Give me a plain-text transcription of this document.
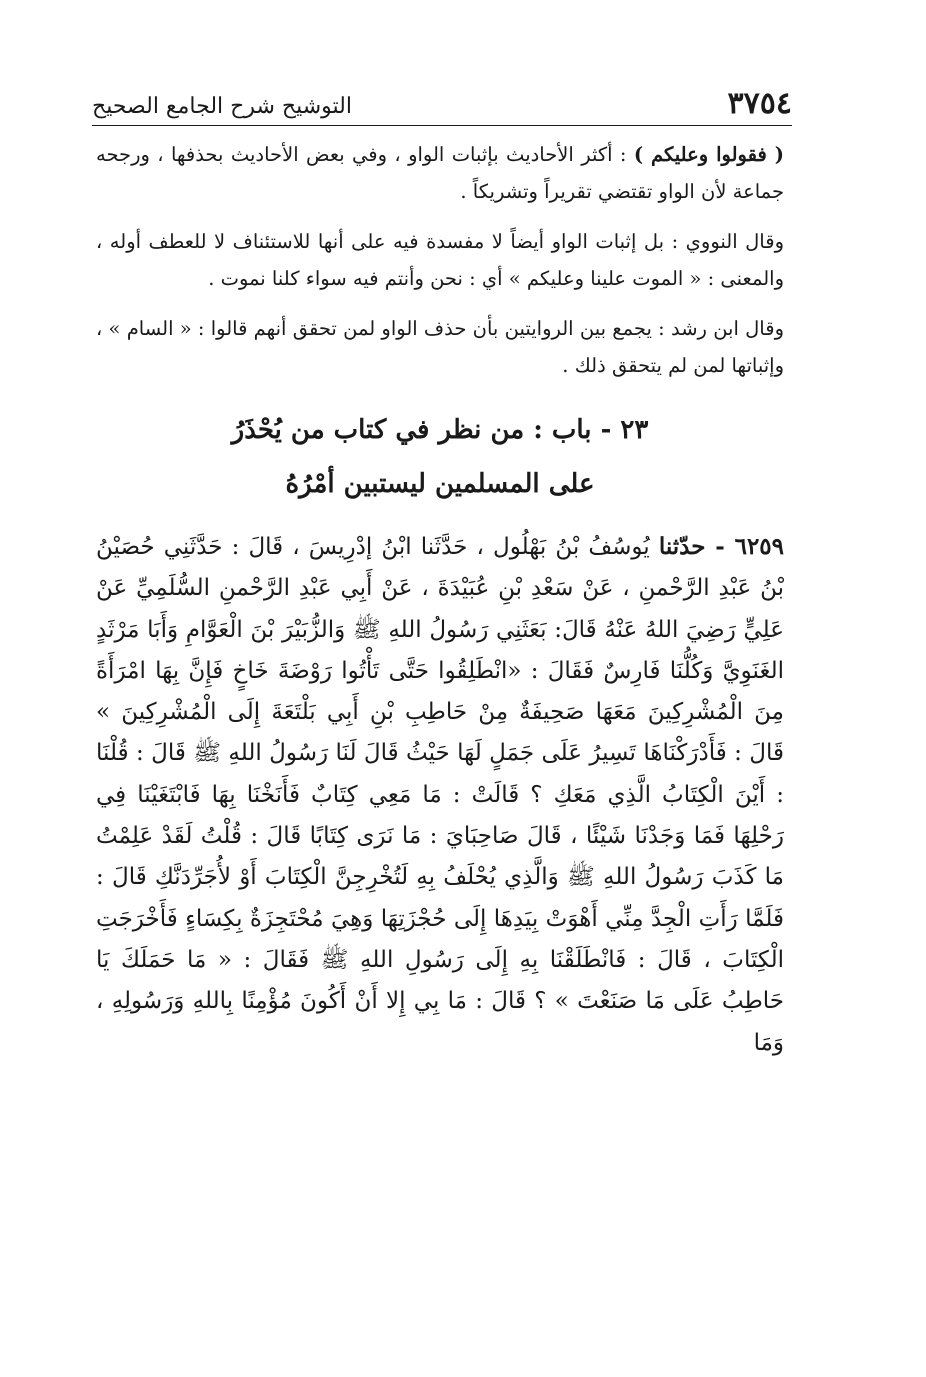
٣٧٥٤
التوشيح شرح الجامع الصحيح

( فقولوا وعليكم ) : أكثر الأحاديث بإثبات الواو ، وفي بعض الأحاديث بحذفها ، ورجحه جماعة لأن الواو تقتضي تقريراً وتشريكاً .

وقال النووي : بل إثبات الواو أيضاً لا مفسدة فيه على أنها للاستئناف لا للعطف أوله ، والمعنى : « الموت علينا وعليكم » أي : نحن وأنتم فيه سواء كلنا نموت .

وقال ابن رشد : يجمع بين الروايتين بأن حذف الواو لمن تحقق أنهم قالوا : « السام » ، وإثباتها لمن لم يتحقق ذلك .

٢٣ - باب : من نظر في كتاب من يُحْذَرُ

على المسلمين ليستبين أمْرُهُ

٦٢٥٩ - حدّثنا يُوسُفُ بْنُ بَهْلُول ، حَدَّثَنا ابْنُ إدْرِيسَ ، قَالَ : حَدَّثَنِي حُصَيْنُ بْنُ عَبْدِ الرَّحْمنِ ، عَنْ سَعْدِ بْنِ عُبَيْدَةَ ، عَنْ أَبِي عَبْدِ الرَّحْمنِ السُّلَمِيِّ عَنْ عَلِيٍّ رَضِيَ اللهُ عَنْهُ قَالَ: بَعَثَنِي رَسُولُ اللهِ ﷺ وَالزُّبَيْرَ بْنَ الْعَوَّامِ وَأَبَا مَرْثَدٍ الغَنَوِيَّ وَكُلُّنَا فَارِسٌ فَقَالَ : «انْطَلِقُوا حَتَّى تَأْتُوا رَوْضَةَ خَاخٍ فَإِنَّ بِهَا امْرَأَةً مِنَ الْمُشْرِكِينَ مَعَهَا صَحِيفَةٌ مِنْ حَاطِبِ بْنِ أَبِي بَلْتَعَةَ إِلَى الْمُشْرِكِينَ » قَالَ : فَأَدْرَكْنَاهَا تَسِيرُ عَلَى جَمَلٍ لَهَا حَيْثُ قَالَ لَنَا رَسُولُ اللهِ ﷺ قَالَ : قُلْنَا : أَيْنَ الْكِتَابُ الَّذِي مَعَكِ ؟ قَالَتْ : مَا مَعِي كِتَابٌ فَأَنَخْنَا بِهَا فَابْتَغَيْنَا فِي رَحْلِهَا فَمَا وَجَدْنَا شَيْئًا ، قَالَ صَاحِبَايَ : مَا نَرَى كِتَابًا قَالَ : قُلْتُ لَقَدْ عَلِمْتُ مَا كَذَبَ رَسُولُ اللهِ ﷺ وَالَّذِي يُحْلَفُ بِهِ لَتُخْرِجِنَّ الْكِتَابَ أَوْ لأُجَرِّدَنَّكِ قَالَ : فَلَمَّا رَأَتِ الْجِدَّ مِنِّي أَهْوَتْ بِيَدِهَا إِلَى حُجْزَتِهَا وَهِيَ مُحْتَجِزَةٌ بِكِسَاءٍ فَأَخْرَجَتِ الْكِتَابَ ، قَالَ : فَانْطَلَقْنَا بِهِ إِلَى رَسُولِ اللهِ ﷺ فَقَالَ : « مَا حَمَلَكَ يَا حَاطِبُ عَلَى مَا صَنَعْتَ » ؟ قَالَ : مَا بِي إِلا أَنْ أَكُونَ مُؤْمِنًا بِاللهِ وَرَسُولِهِ ، وَمَا
